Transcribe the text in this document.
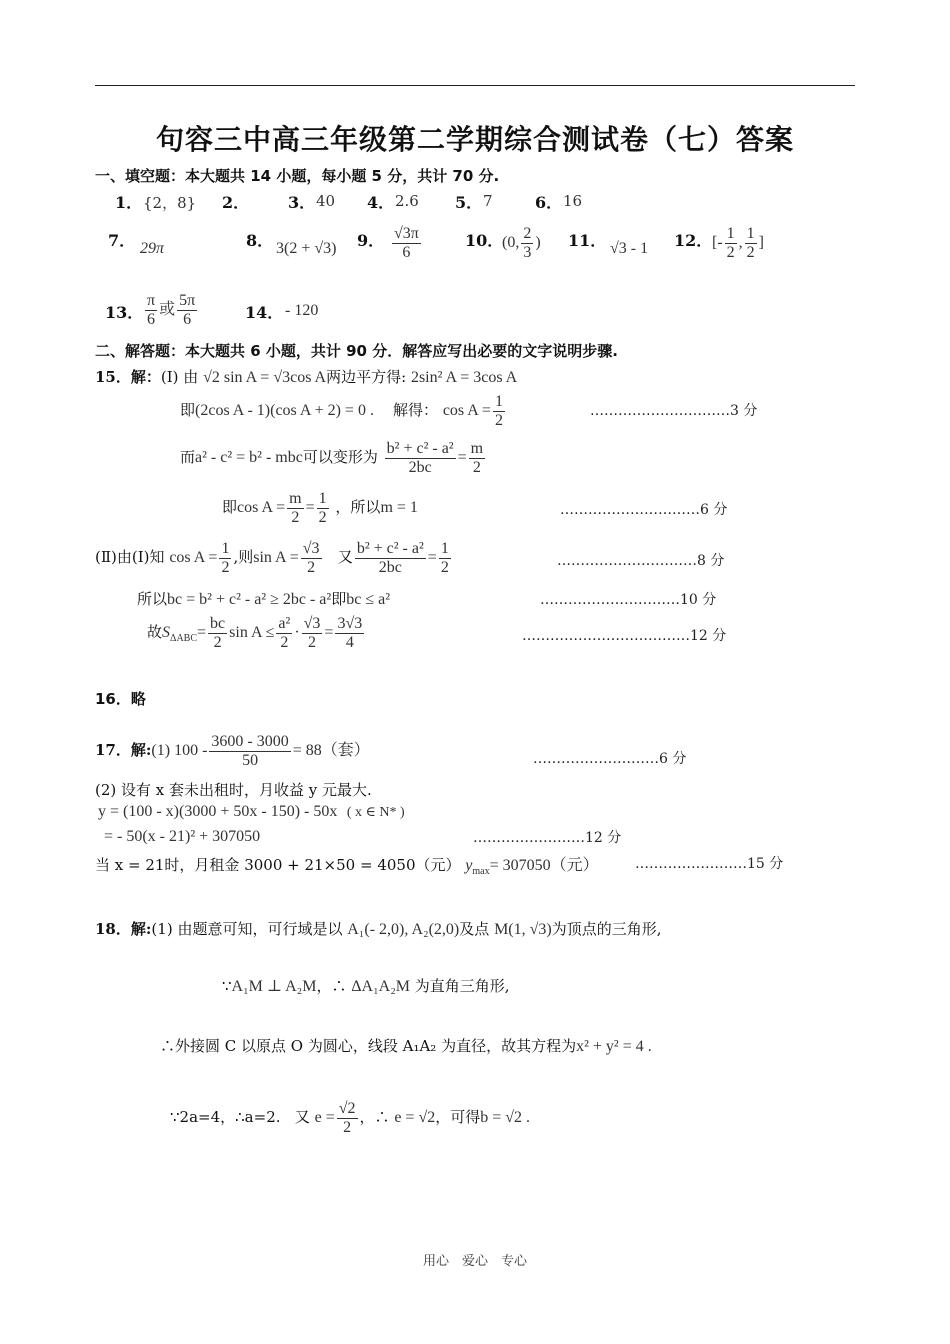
句容三中高三年级第二学期综合测试卷（七）答案
一、填空题：本大题共 14 小题，每小题 5 分，共计 70 分.
1． {2，8} 2． 3． 40 4． 2.6 5． 7	6． 16
7． 29π	8． 3(2 + √3) 9． $\frac{√3\pi}{6}$	10．
(0, $\frac{2}{3}$ ) 11． √3 - 1 12． [- $\frac{1}{2}$ , $\frac{1}{2}$ ]
13． $\frac{\pi}{6}$ 或 $\frac{5\pi}{6}$	14． - 120
二、解答题：本大题共 6 小题，共计 90 分．解答应写出必要的文字说明步骤.
15．解：(Ⅰ) 由 √2 sin A = √3cos A两边平方得: 2sin² A = 3cos A
即(2cos A - 1)(cos A + 2) = 0 . 解得： $\cos A = \frac{1}{2}$	…………………………3 分
而a² - c² = b² - mbc可以变形为 $\frac{\text{b² + c² - a²}}{2bc} = \frac{m}{2}$
即$\cos A = \frac{m}{2} = \frac{1}{2}$ ，所以m = 1	…………………………6 分
(Ⅱ)由(Ⅰ)知 $\cos A = \frac{1}{2}$ ,则$\sin A = \frac{√3}{2}$ 又 $\frac{\text{b² + c² - a²}}{2bc} = \frac{1}{2}$	…………………………8 分
所以bc = b² + c² - a² ≥ 2bc - a²即bc ≤ a²	…………………………10 分
故$S_{\Delta ABC}= \frac{bc}{2}$ $\sin A \le \frac{\text{a²}}{2} \cdot \frac{√3}{2} = \frac{3√3}{4}$	………………………………12 分
16．略
17．解:(1) $100 - \frac{3600 - 3000}{50} = 88$（套）	………………………6 分
(2) 设有 x 套未出租时，月收益 y 元最大.
y = (100 - x)(3000 + 50x - 150) - 50x ( x ∈ N* )
= - 50(x - 21)² + 307050	……………………12 分
当 x = 21时，月租金 3000 + 21×50 = 4050（元） $y_{max}= 307050$（元）	……………………15 分
18．解:(1) 由题意可知，可行域是以 A₁(- 2,0), A₂(2,0)及点 M(1, √3)为顶点的三角形,
∵A₁M ⊥ A₂M，∴ ΔA₁A₂M 为直角三角形,
∴外接圆 C 以原点 O 为圆心，线段 A₁A₂ 为直径，故其方程为x² + y² = 4 .
∵2a=4，∴a=2. 又 $e = \frac{√2}{2}$ ，∴ e = √2，可得b = √2 .
用心　爱心　专心
